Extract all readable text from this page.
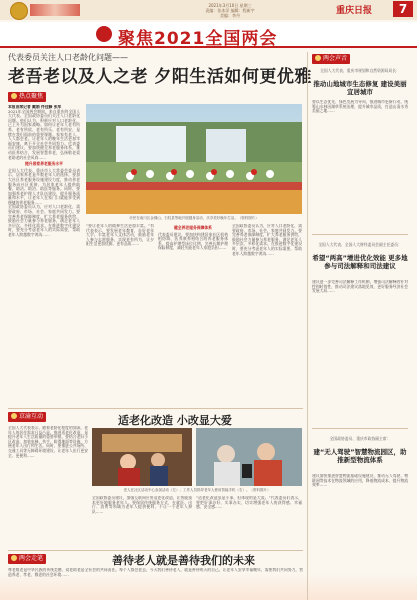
2021年3月10日 星期三
责编：张本洋 编辑：程新宇
美编：李丹	重庆日报	7
聚焦2021全国两会
代表委员关注人口老龄化问题——
老吾老以及人之老 夕阳生活如何更优雅
热点聚焦

本报首席记者 戴娟 佟佳静 张军

2021年全国两会期间，来自重庆的全国人大代表、全国政协委员们关注人口老龄化问题。他们认为，积极应对人口老龄化，已上升为国家战略。如何让老年人老有所养、老有所依、老有所乐、老有所安，是摆在我们面前的重要课题。家家有老人，人人都会老。让老年人的晚年生活更加幸福安康，离不开全社会共同努力。代表委员们建议，要加快健全养老服务体系，推动医养结合，发展智慧养老，弘扬敬老爱老助老的社会风尚……

提升居家养老服务水平

全国人大代表、重庆市人大常委会委员表示，居家养老是多数老年人的选择。要加大社区养老服务设施建设力度，推动养老服务向社区延伸，为居家老年人提供助餐、助洁、助浴、助医等服务。同时，要加强养老护理人才队伍建设，提升服务质量和水平，让老年人在家门口就能享受到便捷的养老服务……

全国政协委员认为，应对人口老龄化，需要政府、市场、社会、家庭共同发力。要完善养老保障制度，扩大养老服务供给，鼓励社会力量参与养老服务，满足老年人多层次、多样化需求。在推进数字化建设时，要充分考虑老年人的实际需要，帮助老年人跨越数字鸿沟……

市民在南川区金佛山、石柱县等地开展健身活动，乐享美好晚年生活。（资料图片）

“要让老年人的精神生活更加丰富。”有代表表示，要发展老年教育，办好老年大学，丰富老年人文体活动，鼓励老年人参与志愿服务，实现老有所为，让夕阳生活更加优雅、更有品质……

健全养老服务保障体系

代表委员建议，要加快构建居家社区机构相协调、医养康养相结合的养老服务体系，提高护理型床位比例，完善长期护理保险制度，减轻失能老年人家庭负担……

全国政协委员认为，应对人口老龄化，需要政府、市场、社会、家庭共同发力。要完善养老保障制度，扩大养老服务供给，鼓励社会力量参与养老服务，满足老年人多层次、多样化需求。在推进数字化建设时，要充分考虑老年人的实际需要，帮助老年人跨越数字鸿沟……

京渝互动	适老化改造 小改显大爱

全国人大代表表示，随着老龄化程度的加深，老年人的居住需求日益凸显。推进适老化改造，是提升老年人生活质量的重要举措。要结合老旧小区改造，加装电梯、扶手、防滑地面等设施，方便老年人出行和生活。同时，要推进公共场所、交通工具等无障碍环境建设，让老年人出行更安全、更便利……

老人在社区活动中心参加活动（左）；工作人员指导老年人使用智能手机（右）。（资料图片）

全国政协委员建议，加强互联网应用适老化改造，让智能技术更好地服务老年人。要保留传统服务方式，在就医、出行、消费等领域为老年人提供便利，不让一个老年人掉队……

“适老化改造虽是小事，但体现的是大爱。”代表委员们表示，要把好事办好、实事办实，切实增强老年人的获得感、幸福感、安全感……

两会走笔	善待老人就是善待我们的未来

尊老敬老是中华民族的传统美德，爱老助老是全社会的共同责任。每个人都会老去，今天我们善待老人，就是善待明天的自己。让老年人安享幸福晚年，需要我们共同努力，营造养老、孝老、敬老的社会环境……

两会声音
全国人大代表、重庆市规划和自然资源局局长：
推动山地城市生态修复 建设美丽宜居城市

要以生态优先、绿色发展为导向，推进城市更新行动，统筹山水林田湖草系统治理，提升城市品质，打造山清水秀美丽之地……

全国人大代表、全国人大财经委员会副主任委员：
希望“两高”增进优化效能 更多地参与司法解释和司法建议

建议进一步完善司法解释工作机制，增强司法解释的针对性和时效性，推动司法建议落地见效，更好服务经济社会发展大局……

全国政协委员、重庆市政协副主席：
建“无人驾驶”智慧物流园区，助推新型物流体系

建议加快推进智慧物流基础设施建设，推动无人驾驶、物联网等技术在物流领域的应用，降低物流成本，提升物流效率……
